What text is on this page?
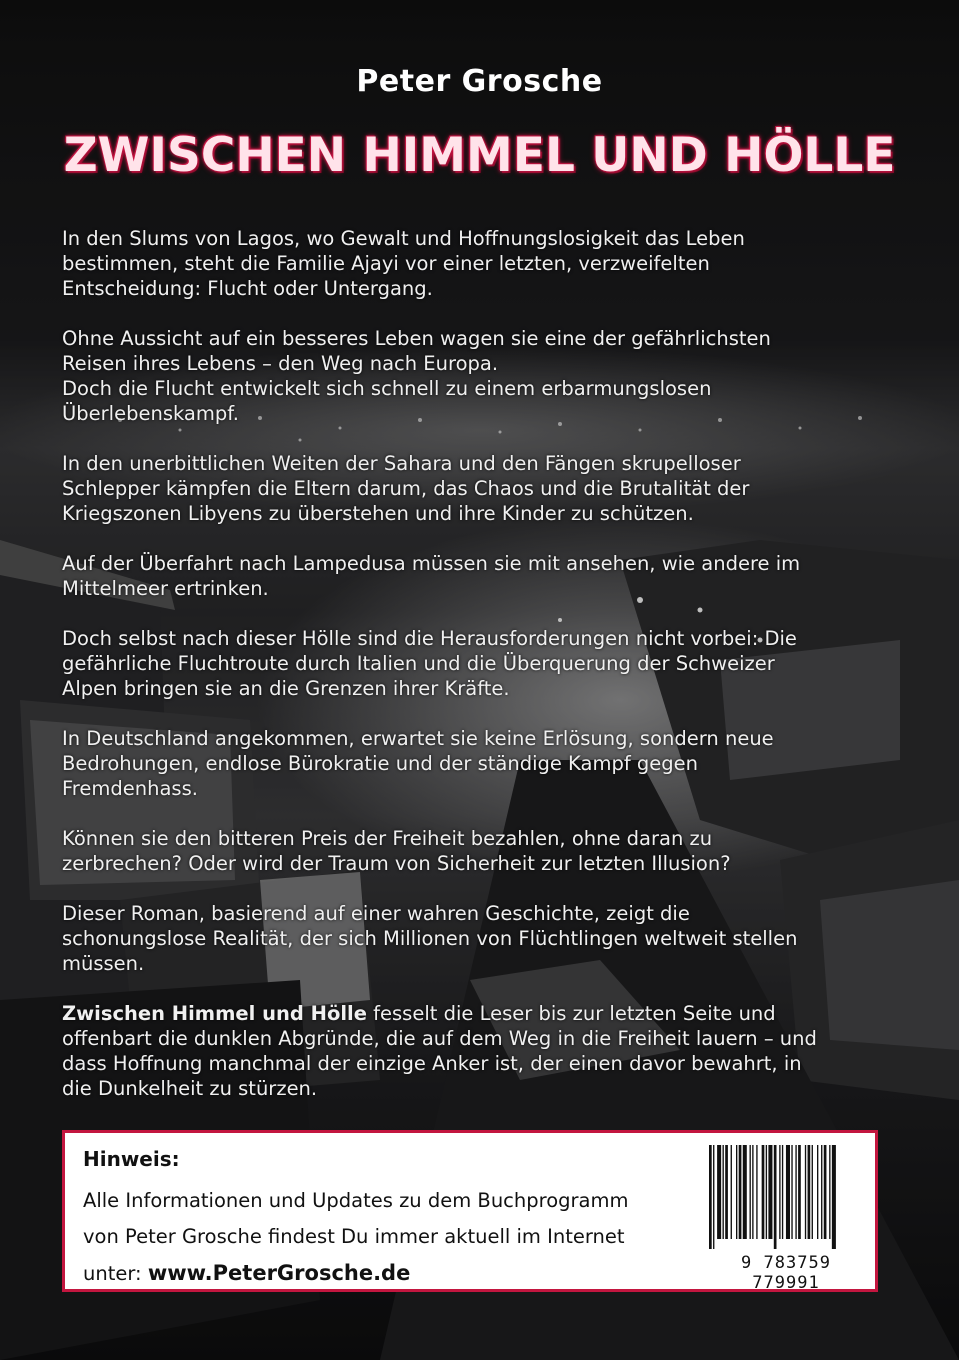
Peter Grosche
ZWISCHEN HIMMEL UND HÖLLE

In den Slums von Lagos, wo Gewalt und Hoffnungslosigkeit das Leben
bestimmen, steht die Familie Ajayi vor einer letzten, verzweifelten
Entscheidung: Flucht oder Untergang.

Ohne Aussicht auf ein besseres Leben wagen sie eine der gefährlichsten
Reisen ihres Lebens – den Weg nach Europa.
Doch die Flucht entwickelt sich schnell zu einem erbarmungslosen
Überlebenskampf.

In den unerbittlichen Weiten der Sahara und den Fängen skrupelloser
Schlepper kämpfen die Eltern darum, das Chaos und die Brutalität der
Kriegszonen Libyens zu überstehen und ihre Kinder zu schützen.

Auf der Überfahrt nach Lampedusa müssen sie mit ansehen, wie andere im
Mittelmeer ertrinken.

Doch selbst nach dieser Hölle sind die Herausforderungen nicht vorbei: Die
gefährliche Fluchtroute durch Italien und die Überquerung der Schweizer
Alpen bringen sie an die Grenzen ihrer Kräfte.

In Deutschland angekommen, erwartet sie keine Erlösung, sondern neue
Bedrohungen, endlose Bürokratie und der ständige Kampf gegen
Fremdenhass.

Können sie den bitteren Preis der Freiheit bezahlen, ohne daran zu
zerbrechen? Oder wird der Traum von Sicherheit zur letzten Illusion?

Dieser Roman, basierend auf einer wahren Geschichte, zeigt die
schonungslose Realität, der sich Millionen von Flüchtlingen weltweit stellen
müssen.

Zwischen Himmel und Hölle fesselt die Leser bis zur letzten Seite und
offenbart die dunklen Abgründe, die auf dem Weg in die Freiheit lauern – und
dass Hoffnung manchmal der einzige Anker ist, der einen davor bewahrt, in
die Dunkelheit zu stürzen.

Hinweis:
Alle Informationen und Updates zu dem Buchprogramm
von Peter Grosche findest Du immer aktuell im Internet
unter: www.PeterGrosche.de	9 783759 779991
